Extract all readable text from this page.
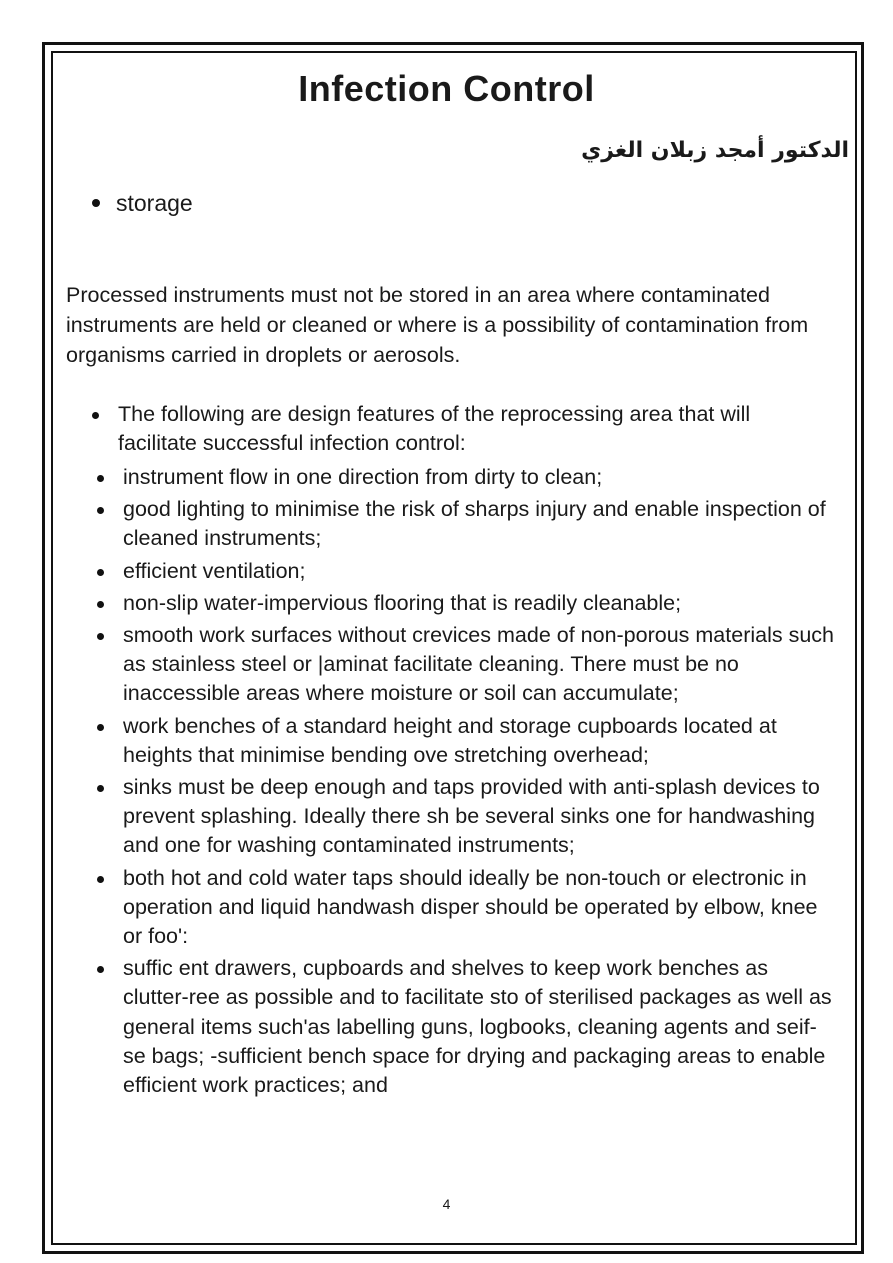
Infection Control
الدكتور أمجد زبلان الغزي
storage

Processed instruments must not be stored in an area where contaminated instruments are held or cleaned or where is a possibility of contamination from organisms carried in droplets or aerosols.

The following are design features of the reprocessing area that will facilitate successful infection control:
instrument flow in one direction from dirty to clean;
good lighting to minimise the risk of sharps injury and enable inspection of cleaned instruments;
efficient ventilation;
non-slip water-impervious flooring that is readily cleanable;
smooth work surfaces without crevices made of non-porous materials such as stainless steel or |aminat facilitate cleaning. There must be no inaccessible areas where moisture or soil can accumulate;
work benches of a standard height and storage cupboards located at heights that minimise bending ove stretching overhead;
sinks must be deep enough and taps provided with anti-splash devices to prevent splashing. Ideally there sh be several sinks one for handwashing and one for washing contaminated instruments;
both hot and cold water taps should ideally be non-touch or electronic in operation and liquid handwash disper should be operated by elbow, knee or foo':
suffic ent drawers, cupboards and shelves to keep work benches as clutter-ree as possible and to facilitate sto of sterilised packages as well as general items such'as labelling guns, logbooks, cleaning agents and seif-se bags; -sufficient bench space for drying and packaging areas to enable efficient work practices; and
4
